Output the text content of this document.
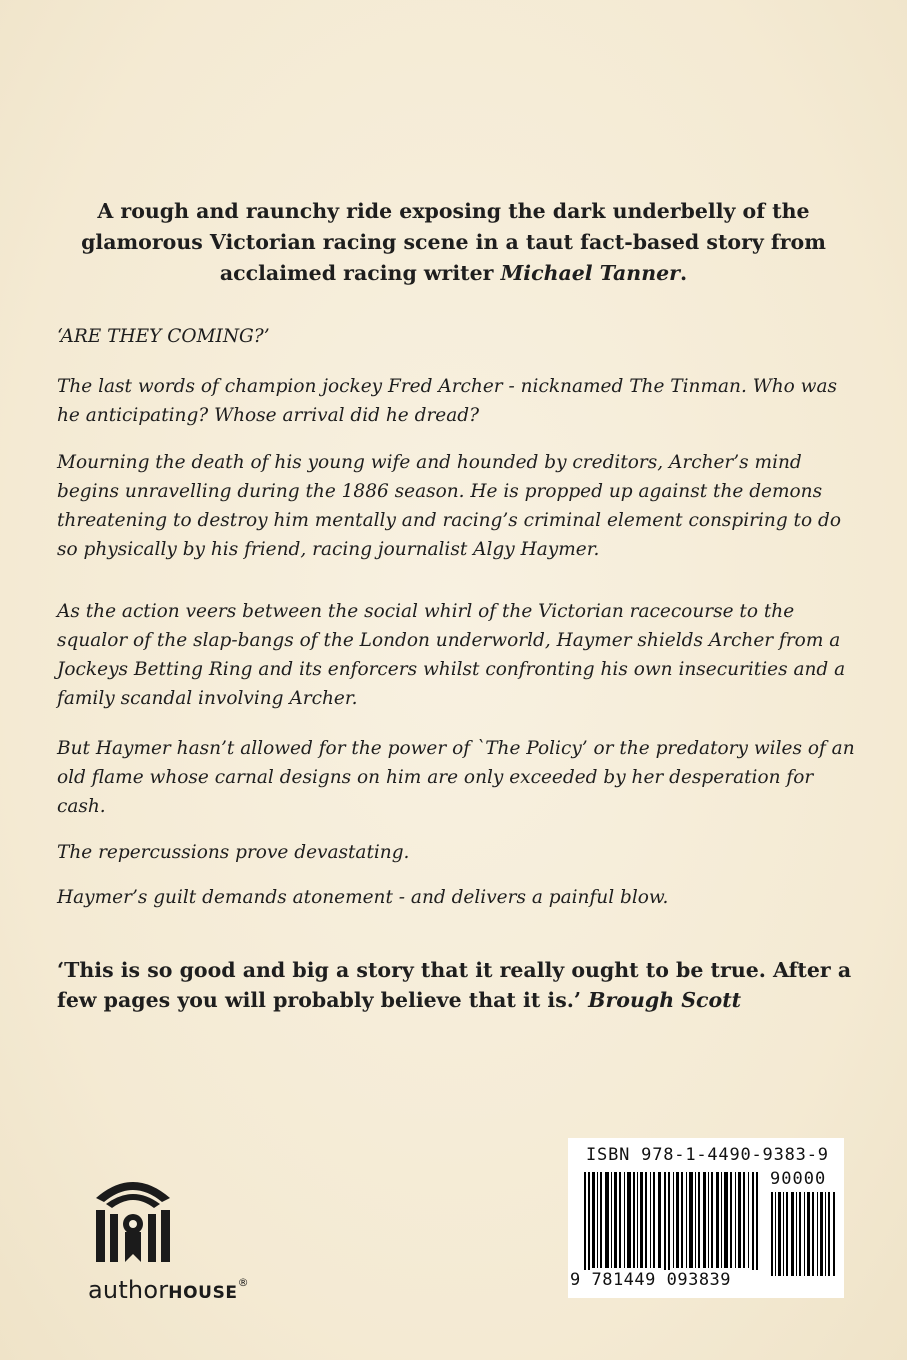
A rough and raunchy ride exposing the dark underbelly of the glamorous Victorian racing scene in a taut fact-based story from acclaimed racing writer Michael Tanner.

‘ARE THEY COMING?’

The last words of champion jockey Fred Archer - nicknamed The Tinman. Who was he anticipating? Whose arrival did he dread?

Mourning the death of his young wife and hounded by creditors, Archer’s mind begins unravelling during the 1886 season. He is propped up against the demons threatening to destroy him mentally and racing’s criminal element conspiring to do so physically by his friend, racing journalist Algy Haymer.

As the action veers between the social whirl of the Victorian racecourse to the squalor of the slap-bangs of the London underworld, Haymer shields Archer from a Jockeys Betting Ring and its enforcers whilst confronting his own insecurities and a family scandal involving Archer.

But Haymer hasn’t allowed for the power of `The Policy’ or the predatory wiles of an old flame whose carnal designs on him are only exceeded by her desperation for cash.

The repercussions prove devastating.

Haymer’s guilt demands atonement - and delivers a painful blow.

‘This is so good and big a story that it really ought to be true. After a few pages you will probably believe that it is.’ Brough Scott

authorHOUSE®
ISBN 978-1-4490-9383-9
90000
9 781449 093839
